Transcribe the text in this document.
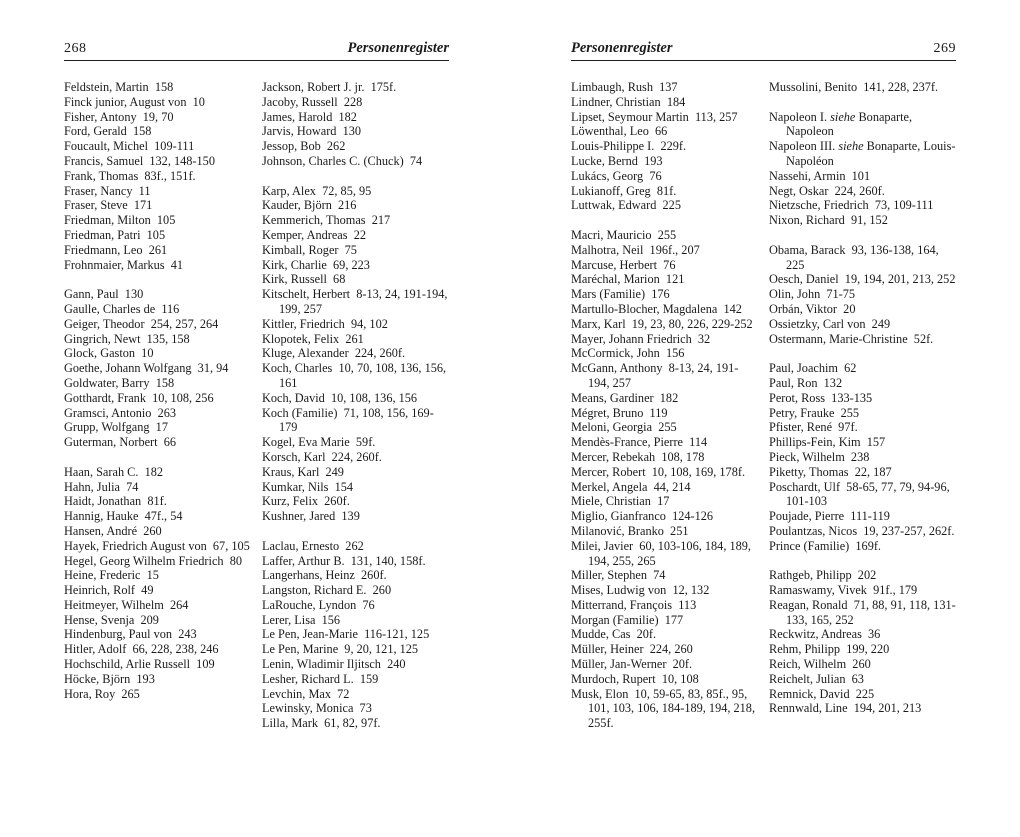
268	Personenregister
Feldstein, Martin  158
Finck junior, August von  10
Fisher, Antony  19, 70
Ford, Gerald  158
Foucault, Michel  109-111
Francis, Samuel  132, 148-150
Frank, Thomas  83f., 151f.
Fraser, Nancy  11
Fraser, Steve  171
Friedman, Milton  105
Friedman, Patri  105
Friedmann, Leo  261
Frohnmaier, Markus  41
Gann, Paul  130
Gaulle, Charles de  116
Geiger, Theodor  254, 257, 264
Gingrich, Newt  135, 158
Glock, Gaston  10
Goethe, Johann Wolfgang  31, 94
Goldwater, Barry  158
Gotthardt, Frank  10, 108, 256
Gramsci, Antonio  263
Grupp, Wolfgang  17
Guterman, Norbert  66
Haan, Sarah C.  182
Hahn, Julia  74
Haidt, Jonathan  81f.
Hannig, Hauke  47f., 54
Hansen, André  260
Hayek, Friedrich August von  67, 105
Hegel, Georg Wilhelm Friedrich  80
Heine, Frederic  15
Heinrich, Rolf  49
Heitmeyer, Wilhelm  264
Hense, Svenja  209
Hindenburg, Paul von  243
Hitler, Adolf  66, 228, 238, 246
Hochschild, Arlie Russell  109
Höcke, Björn  193
Hora, Roy  265
Jackson, Robert J. jr.  175f.
Jacoby, Russell  228
James, Harold  182
Jarvis, Howard  130
Jessop, Bob  262
Johnson, Charles C. (Chuck)  74
Karp, Alex  72, 85, 95
Kauder, Björn  216
Kemmerich, Thomas  217
Kemper, Andreas  22
Kimball, Roger  75
Kirk, Charlie  69, 223
Kirk, Russell  68
Kitschelt, Herbert  8-13, 24, 191-194, 199, 257
Kittler, Friedrich  94, 102
Klopotek, Felix  261
Kluge, Alexander  224, 260f.
Koch, Charles  10, 70, 108, 136, 156, 161
Koch, David  10, 108, 136, 156
Koch (Familie)  71, 108, 156, 169-179
Kogel, Eva Marie  59f.
Korsch, Karl  224, 260f.
Kraus, Karl  249
Kumkar, Nils  154
Kurz, Felix  260f.
Kushner, Jared  139
Laclau, Ernesto  262
Laffer, Arthur B.  131, 140, 158f.
Langerhans, Heinz  260f.
Langston, Richard E.  260
LaRouche, Lyndon  76
Lerer, Lisa  156
Le Pen, Jean-Marie  116-121, 125
Le Pen, Marine  9, 20, 121, 125
Lenin, Wladimir Iljitsch  240
Lesher, Richard L.  159
Levchin, Max  72
Lewinsky, Monica  73
Lilla, Mark  61, 82, 97f.
Personenregister	269
Limbaugh, Rush  137
Lindner, Christian  184
Lipset, Seymour Martin  113, 257
Löwenthal, Leo  66
Louis-Philippe I.  229f.
Lucke, Bernd  193
Lukács, Georg  76
Lukianoff, Greg  81f.
Luttwak, Edward  225
Macri, Mauricio  255
Malhotra, Neil  196f., 207
Marcuse, Herbert  76
Maréchal, Marion  121
Mars (Familie)  176
Martullo-Blocher, Magdalena  142
Marx, Karl  19, 23, 80, 226, 229-252
Mayer, Johann Friedrich  32
McCormick, John  156
McGann, Anthony  8-13, 24, 191-194, 257
Means, Gardiner  182
Mégret, Bruno  119
Meloni, Georgia  255
Mendès-France, Pierre  114
Mercer, Rebekah  108, 178
Mercer, Robert  10, 108, 169, 178f.
Merkel, Angela  44, 214
Miele, Christian  17
Miglio, Gianfranco  124-126
Milanović, Branko  251
Milei, Javier  60, 103-106, 184, 189, 194, 255, 265
Miller, Stephen  74
Mises, Ludwig von  12, 132
Mitterrand, François  113
Morgan (Familie)  177
Mudde, Cas  20f.
Müller, Heiner  224, 260
Müller, Jan-Werner  20f.
Murdoch, Rupert  10, 108
Musk, Elon  10, 59-65, 83, 85f., 95, 101, 103, 106, 184-189, 194, 218, 255f.
Mussolini, Benito  141, 228, 237f.
Napoleon I. siehe Bonaparte, Napoleon
Napoleon III. siehe Bonaparte, Louis-Napoléon
Nassehi, Armin  101
Negt, Oskar  224, 260f.
Nietzsche, Friedrich  73, 109-111
Nixon, Richard  91, 152
Obama, Barack  93, 136-138, 164, 225
Oesch, Daniel  19, 194, 201, 213, 252
Olin, John  71-75
Orbán, Viktor  20
Ossietzky, Carl von  249
Ostermann, Marie-Christine  52f.
Paul, Joachim  62
Paul, Ron  132
Perot, Ross  133-135
Petry, Frauke  255
Pfister, René  97f.
Phillips-Fein, Kim  157
Pieck, Wilhelm  238
Piketty, Thomas  22, 187
Poschardt, Ulf  58-65, 77, 79, 94-96, 101-103
Poujade, Pierre  111-119
Poulantzas, Nicos  19, 237-257, 262f.
Prince (Familie)  169f.
Rathgeb, Philipp  202
Ramaswamy, Vivek  91f., 179
Reagan, Ronald  71, 88, 91, 118, 131-133, 165, 252
Reckwitz, Andreas  36
Rehm, Philipp  199, 220
Reich, Wilhelm  260
Reichelt, Julian  63
Remnick, David  225
Rennwald, Line  194, 201, 213
